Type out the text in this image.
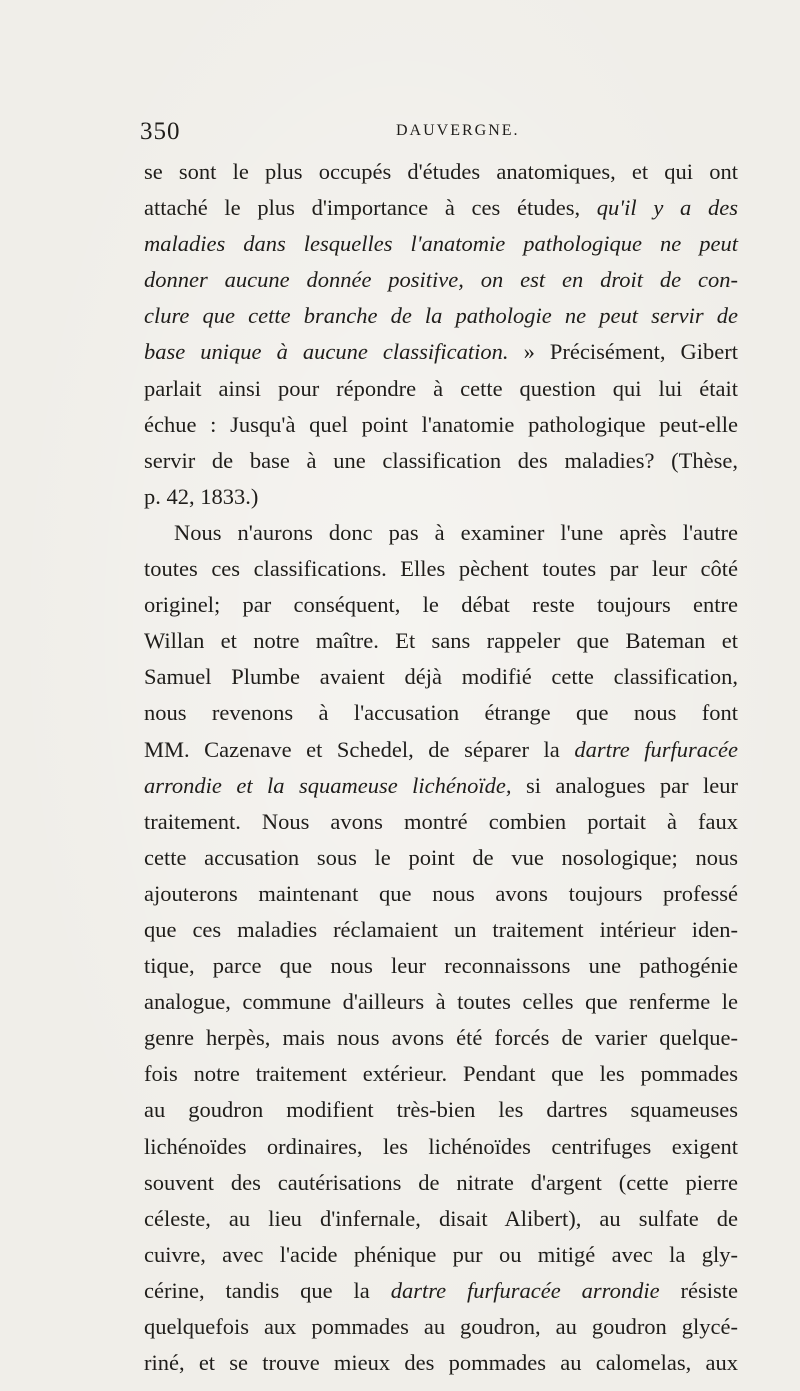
350	DAUVERGNE.
se sont le plus occupés d'études anatomiques, et qui ont
attaché le plus d'importance à ces études, qu'il y a des
maladies dans lesquelles l'anatomie pathologique ne peut
donner aucune donnée positive, on est en droit de con-
clure que cette branche de la pathologie ne peut servir de
base unique à aucune classification. » Précisément, Gibert
parlait ainsi pour répondre à cette question qui lui était
échue : Jusqu'à quel point l'anatomie pathologique peut-elle
servir de base à une classification des maladies? (Thèse,
p. 42, 1833.)
Nous n'aurons donc pas à examiner l'une après l'autre
toutes ces classifications. Elles pèchent toutes par leur côté
originel; par conséquent, le débat reste toujours entre
Willan et notre maître. Et sans rappeler que Bateman et
Samuel Plumbe avaient déjà modifié cette classification,
nous revenons à l'accusation étrange que nous font
MM. Cazenave et Schedel, de séparer la dartre furfuracée
arrondie et la squameuse lichénoïde, si analogues par leur
traitement. Nous avons montré combien portait à faux
cette accusation sous le point de vue nosologique; nous
ajouterons maintenant que nous avons toujours professé
que ces maladies réclamaient un traitement intérieur iden-
tique, parce que nous leur reconnaissons une pathogénie
analogue, commune d'ailleurs à toutes celles que renferme le
genre herpès, mais nous avons été forcés de varier quelque-
fois notre traitement extérieur. Pendant que les pommades
au goudron modifient très-bien les dartres squameuses
lichénoïdes ordinaires, les lichénoïdes centrifuges exigent
souvent des cautérisations de nitrate d'argent (cette pierre
céleste, au lieu d'infernale, disait Alibert), au sulfate de
cuivre, avec l'acide phénique pur ou mitigé avec la gly-
cérine, tandis que la dartre furfuracée arrondie résiste
quelquefois aux pommades au goudron, au goudron glycé-
riné, et se trouve mieux des pommades au calomelas, aux
